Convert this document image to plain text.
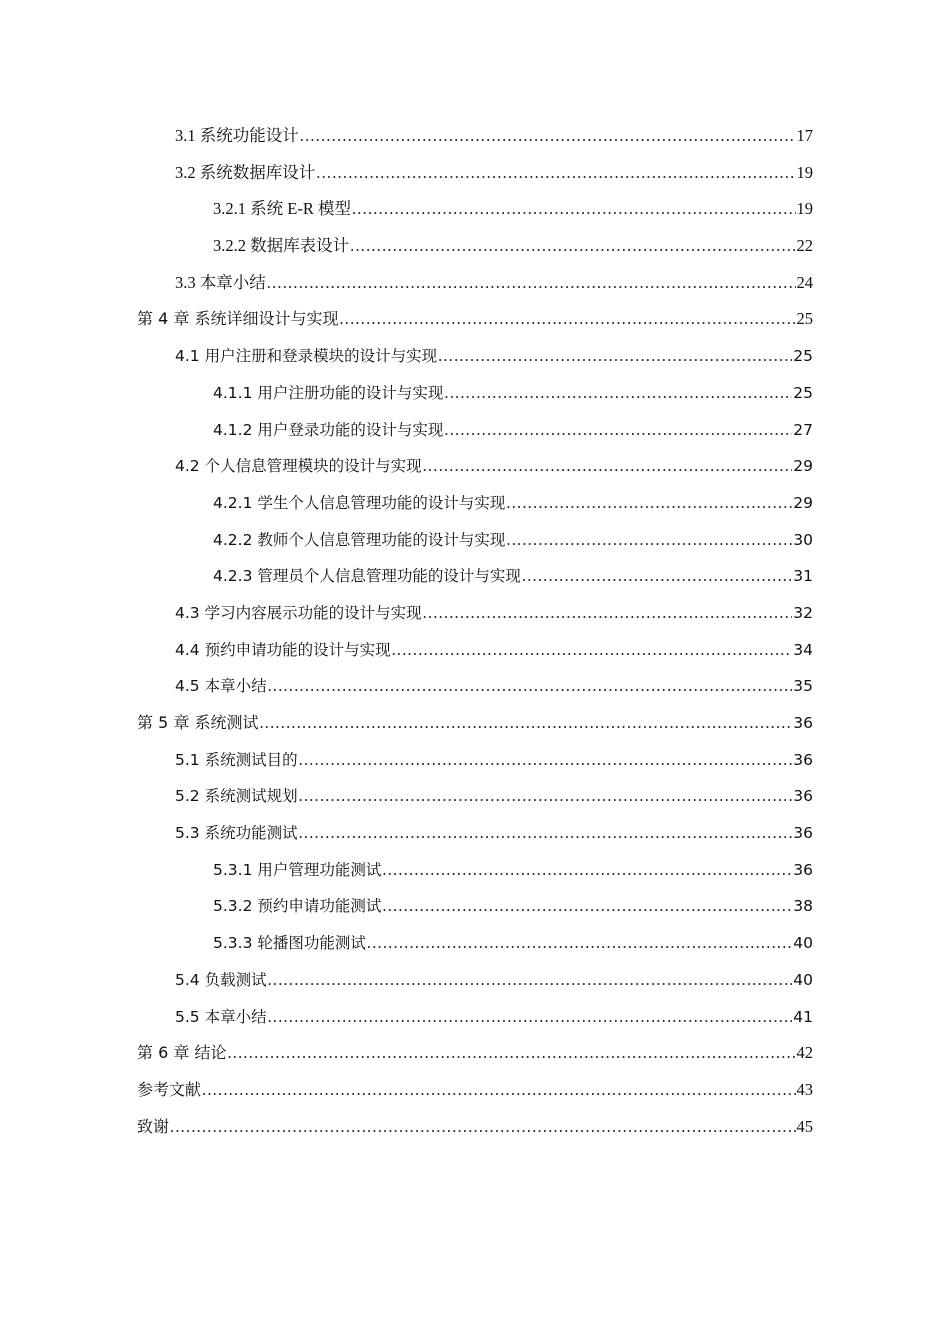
3.1 系统功能设计 .....	17
3.2 系统数据库设计 .....	19
3.2.1 系统 E-R 模型 .....	19
3.2.2 数据库表设计 .....	22
3.3 本章小结 .....	24
第 4 章 系统详细设计与实现 .....	25
4.1 用户注册和登录模块的设计与实现 .....	25
4.1.1 用户注册功能的设计与实现 .....	25
4.1.2 用户登录功能的设计与实现 .....	27
4.2 个人信息管理模块的设计与实现 .....	29
4.2.1 学生个人信息管理功能的设计与实现 .....	29
4.2.2 教师个人信息管理功能的设计与实现 .....	30
4.2.3 管理员个人信息管理功能的设计与实现 .....	31
4.3 学习内容展示功能的设计与实现 .....	32
4.4 预约申请功能的设计与实现 .....	34
4.5 本章小结 .....	35
第 5 章 系统测试 .....	36
5.1 系统测试目的 .....	36
5.2 系统测试规划 .....	36
5.3 系统功能测试 .....	36
5.3.1 用户管理功能测试 .....	36
5.3.2 预约申请功能测试 .....	38
5.3.3 轮播图功能测试 .....	40
5.4 负载测试 .....	40
5.5 本章小结 .....	41
第 6 章 结论 .....	42
参考文献 .....	43
致谢 .....	45
